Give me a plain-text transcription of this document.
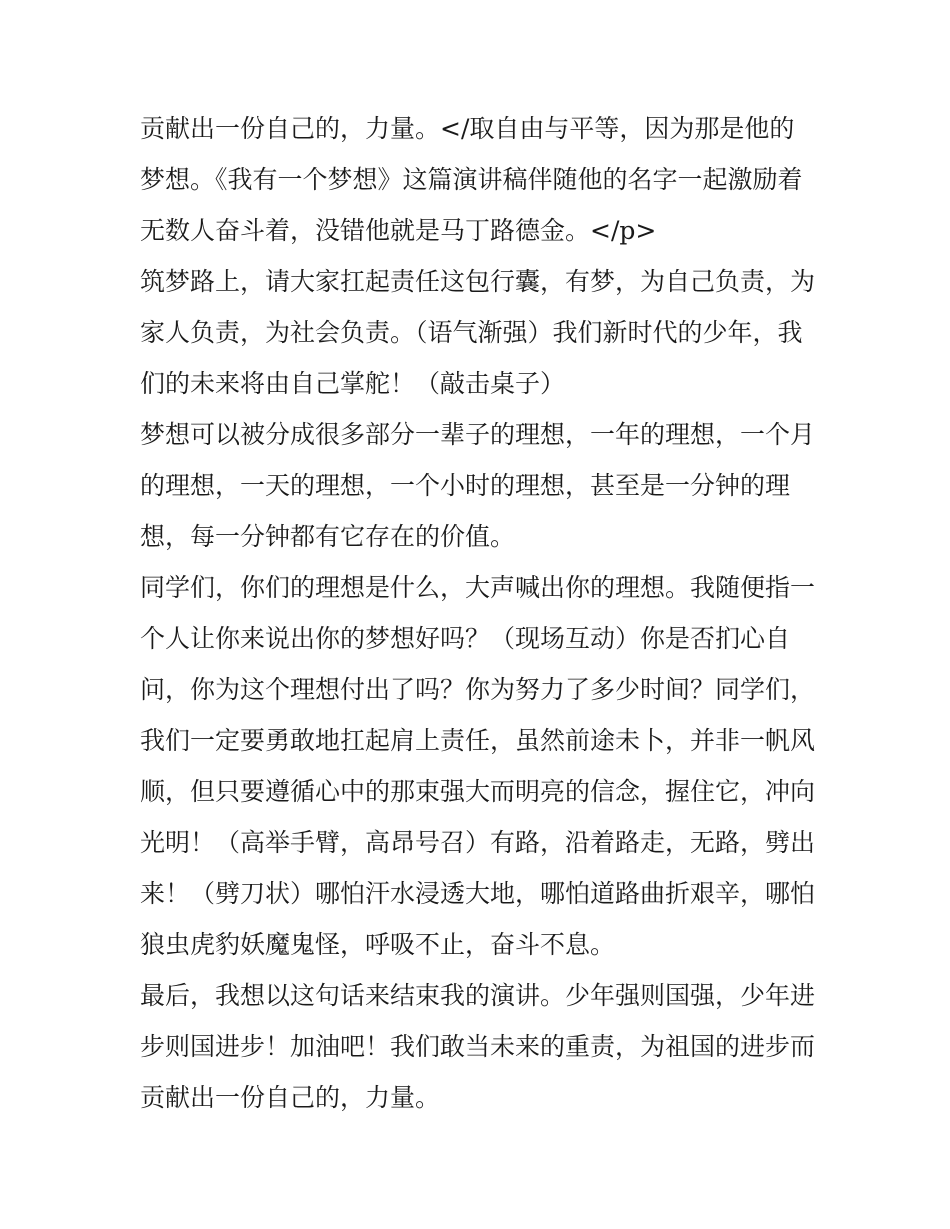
贡献出一份自己的，力量。</取自由与平等，因为那是他的
梦想。《我有一个梦想》这篇演讲稿伴随他的名字一起激励着
无数人奋斗着，没错他就是马丁路德金。</p>
筑梦路上，请大家扛起责任这包行囊，有梦，为自己负责，为
家人负责，为社会负责。（语气渐强）我们新时代的少年，我
们的未来将由自己掌舵！（敲击桌子）
梦想可以被分成很多部分一辈子的理想，一年的理想，一个月
的理想，一天的理想，一个小时的理想，甚至是一分钟的理
想，每一分钟都有它存在的价值。
同学们，你们的理想是什么，大声喊出你的理想。我随便指一
个人让你来说出你的梦想好吗？（现场互动）你是否扪心自
问，你为这个理想付出了吗？你为努力了多少时间？同学们，
我们一定要勇敢地扛起肩上责任，虽然前途未卜，并非一帆风
顺，但只要遵循心中的那束强大而明亮的信念，握住它，冲向
光明！（高举手臂，高昂号召）有路，沿着路走，无路，劈出
来！（劈刀状）哪怕汗水浸透大地，哪怕道路曲折艰辛，哪怕
狼虫虎豹妖魔鬼怪，呼吸不止，奋斗不息。
最后，我想以这句话来结束我的演讲。少年强则国强，少年进
步则国进步！加油吧！我们敢当未来的重责，为祖国的进步而
贡献出一份自己的，力量。
